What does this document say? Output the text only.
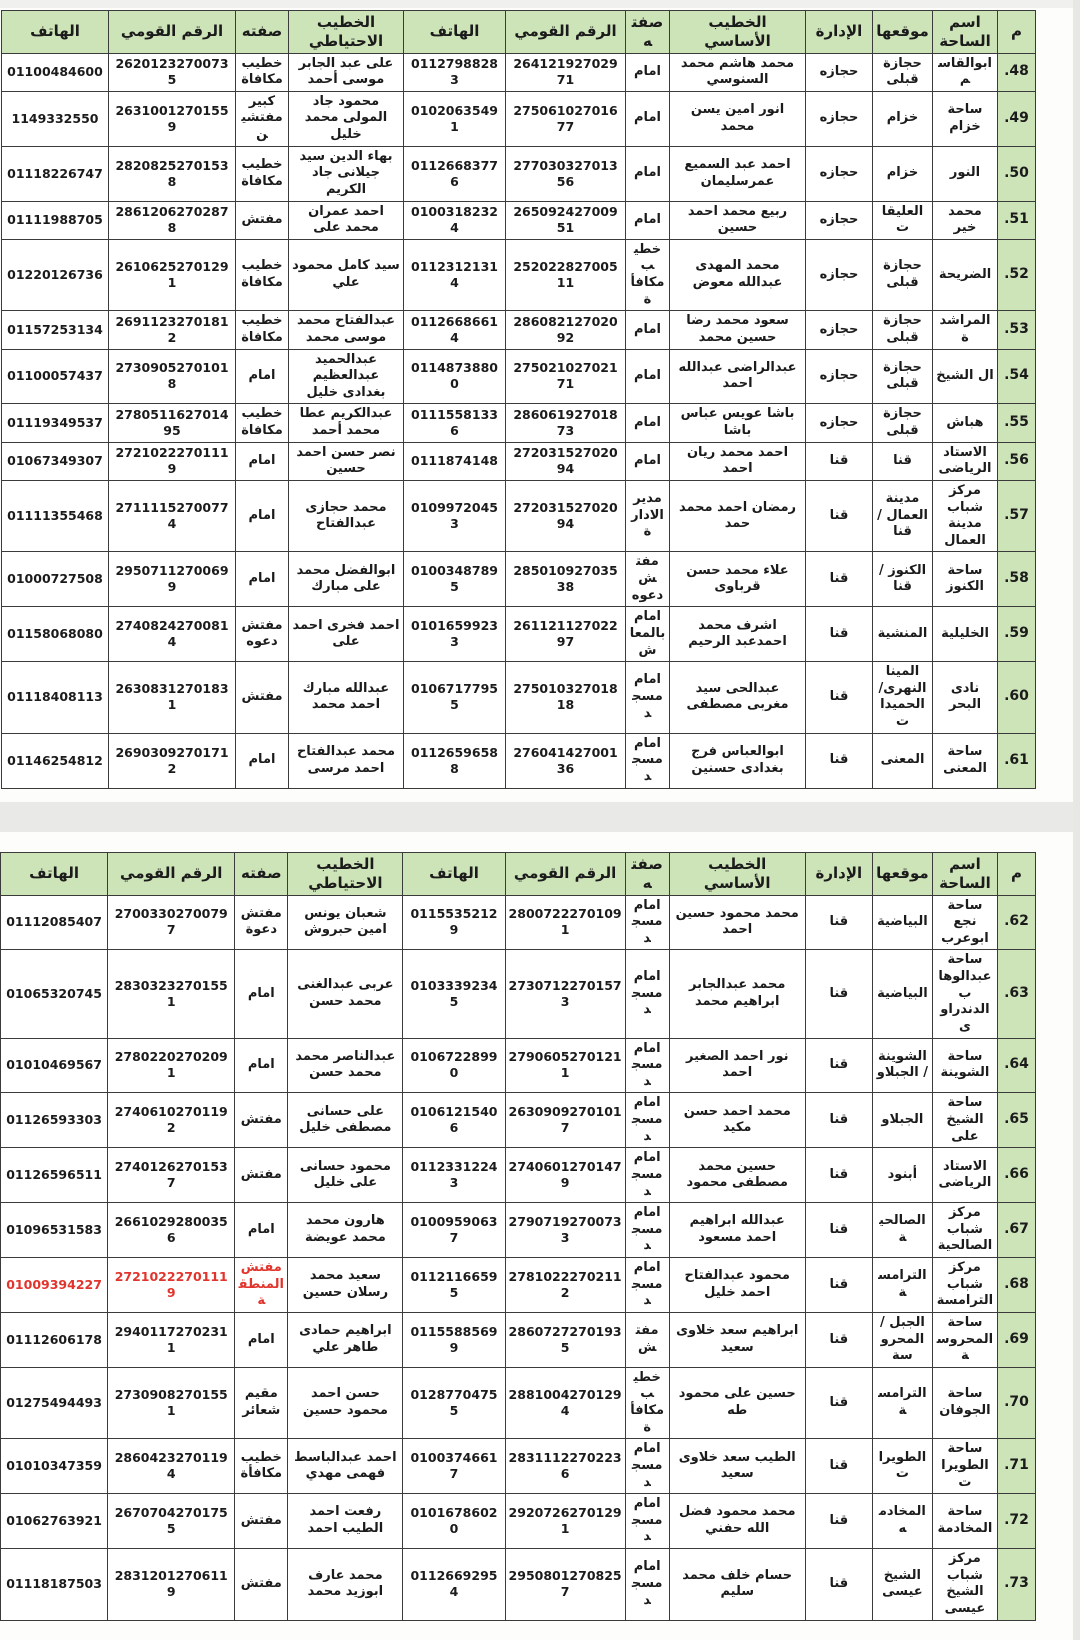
م	اسم الساحة	موقعها	الإدارة	الخطيب الأساسي	صفته	الرقم القومي	الهاتف	الخطيب الاحتياطي	صفته	الرقم القومي	الهاتف
48.	ابوالقاسم	حجازة قبلى	حجازه	محمد هاشم محمد السنوسي	امام	26412192702971	01127988283	على عبد الجابر موسى أحمد	خطيب مكافاة	26201232700735	01100484600
49.	ساحة خزام	خزام	حجازه	انور امين يسن محمد	امام	27506102701677	01020635491	محمود جاد المولى محمد خليل	كبير مفتشين	26310012701559	1149332550
50.	النور	خزام	حجازه	احمد عبد السميع عمرسليمان	امام	27703032701356	01126683776	بهاء الدين سيد جيلانى جاد الكريم	خطيب مكافاة	28208252701538	01118226747
51.	محمد خير	العليقات	حجازه	ربيع محمد احمد حسين	امام	26509242700951	01003182324	احمد عمران محمد على	مفتش	28612062702878	01111988705
52.	الضريحة	حجازة قبلى	حجازه	محمد المهدى عبدالله معوض	خطيب مكافأة	25202282700511	01123121314	سيد كامل محمود علي	خطيب مكافاة	26106252701291	01220126736
53.	المراشدة	حجازة قبلى	حجازه	سعود محمد رضا حسين محمد	امام	28608212702092	01126686614	عبدالفتاح محمد موسى محمد	خطيب مكافاة	26911232701812	01157253134
54.	ال الشيخ	حجازة قبلى	حجازه	عبدالراضى عبدالله احمد	امام	27502102702171	01148738800	عبدالحميد عبدالعظيم بغدادى خليل	امام	27309052701018	01100057437
55.	هباش	حجازة قبلى	حجازه	باشا عويس عباس باشا	امام	28606192701873	01115581336	عبدالكريم عطا محمد أحمد	خطيب مكافاة	278051162701495	01119349537
56.	الاستاد الرياضى	قنا	قنا	احمد محمد ريان احمد	امام	27203152702094	0111874148	نصر حسن احمد حسين	امام	27210222701119	01067349307
57.	مركز شباب مدينة العمال	مدينة العمال /قنا	قنا	رمضان احمد محمد حمد	مدير الادارة	27203152702094	01099720453	محمد حجازى عبدالفتاح	امام	27111152700774	01111355468
58.	ساحة الكنوز	الكنوز /قنا	قنا	علاء محمد حسن قرباوى	مفتش دعوه	28501092703538	01003487895	ابوالفضل محمد على مبارك	امام	29507112700699	01000727508
59.	الخليلية	المنشية	قنا	اشرف محمد احمدعبد الرحيم	امام بالمعاش	26112112702297	01016599233	احمد فخرى احمد على	مفتش دعوه	27408242700814	01158068080
60.	نادى البحر	المينا النهرى/ الحميدات	قنا	عبدالحى سيد مغربى مصطفى	امام مسجد	27501032701818	01067177955	عبدالله مبارك احمد محمد	مفتش	26308312701831	01118408113
61.	ساحة المعنى	المعنى	قنا	ابوالعباس فرج بغدادى حسنين	امام مسجد	27604142700136	01126596588	محمد عبدالفتاح احمد مرسى	امام	26903092701712	01146254812
م	اسم الساحة	موقعها	الإدارة	الخطيب الأساسي	صفته	الرقم القومي	الهاتف	الخطيب الاحتياطي	صفته	الرقم القومي	الهاتف
62.	ساحة نجع ابوعرب	البياضية	قنا	محمد محمود حسين احمد	امام مسجد	28007222701091	01155352129	شعبان يونس امين حبروش	مفتش دعوة	27003302700797	01112085407
63.	ساحة عبدالوهاب الدندراوى	البياضية	قنا	محمد عبدالجابر ابراهيم محمد	امام مسجد	27307122701573	01033392345	عربى عبدالغنى محمد حسن	امام	28303232701551	01065320745
64.	ساحة الشوينة	الشوينة / الجبلاو	قنا	نور احمد الصغير احمد	امام مسجد	27906052701211	01067228990	عبدالناصر محمد محمد حسن	امام	27802202702091	01010469567
65.	ساحة الشيخ على	الجبلاو	قنا	محمد احمد حسن مكيد	امام مسجد	26309092701017	01061215406	على حسانى مصطفى خليل	مفتش	27406102701192	01126593303
66.	الاستاد الرياضى	أبنود	قنا	حسين محمد مصطفى محمود	امام مسجد	27406012701479	01123312243	محمود حسانى على خليل	مفتش	27401262701537	01126596511
67.	مركز شباب الصالحية	الصالحية	قنا	عبدالله ابراهيم احمد مسعود	امام مسجد	27907192700733	01009590637	هارون محمد محمد عويضة	امام	26610292800356	01096531583
68.	مركز شباب الترامسة	الترامسة	قنا	محمود عبدالفتاح احمد خليل	امام مسجد	27810222702112	01121166595	سعيد محمد رسلان حسين	مفتش المنطقة	27210222701119	01009394227
69.	ساحة المحروسة	الجبل / المحروسة	قنا	ابراهيم سعد خلاوى سعيد	مفتش	28607272701935	01155885699	ابراهيم حمادى طاهر علي	امام	29401172702311	01112606178
70.	ساحة الجوفان	الترامسة	قنا	حسين على محمود طه	خطيب مكافأة	28810042701294	01287704755	حسن احمد محمود حسين	مقيم شعائر	27309082701551	01275494493
71.	ساحة الطويرات	الطويرات	قنا	الطيب سعد خلاوى سعيد	امام مسجد	28311122702236	01003746617	احمد عبدالباسط فهمى مهدي	خطيب مكافأة	28604232701194	01010347359
72.	ساحة المخادمة	المخادمه	قنا	محمد محمود فضل الله حفني	امام مسجد	29207262701291	01016786020	رفعت احمد الطيب احمد	مفتش	26707042701755	01062763921
73.	مركز شباب الشيخ عيسى	الشيخ عيسى	قنا	حسام خلف محمد سليم	امام مسجد	29508012708257	01126692954	محمد عارف ابوزيد محمد	مفتش	28312012706119	01118187503
